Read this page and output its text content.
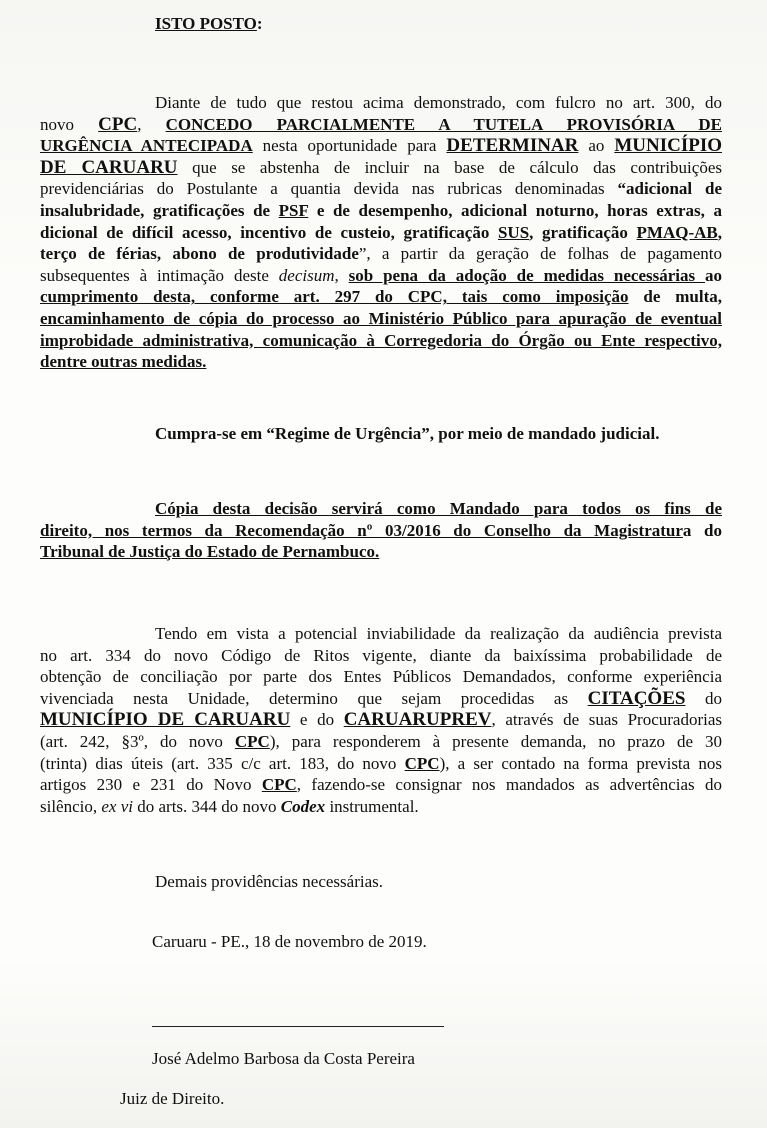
ISTO POSTO:
Diante de tudo que restou acima demonstrado, com fulcro no art. 300, do
novo CPC, CONCEDO PARCIALMENTE A TUTELA PROVISÓRIA DE
URGÊNCIA ANTECIPADA nesta oportunidade para DETERMINAR ao MUNICÍPIO
DE CARUARU que se abstenha de incluir na base de cálculo das contribuições
previdenciárias do Postulante a quantia devida nas rubricas denominadas “adicional de
insalubridade, gratificações de PSF e de desempenho, adicional noturno, horas extras, a
dicional de difícil acesso, incentivo de custeio, gratificação SUS, gratificação PMAQ-AB,
terço de férias, abono de produtividade”, a partir da geração de folhas de pagamento
subsequentes à intimação deste decisum, sob pena da adoção de medidas necessárias ao
cumprimento desta, conforme art. 297 do CPC, tais como imposição de multa,
encaminhamento de cópia do processo ao Ministério Público para apuração de eventual
improbidade administrativa, comunicação à Corregedoria do Órgão ou Ente respectivo,
dentre outras medidas.
Cumpra-se em “Regime de Urgência”, por meio de mandado judicial.
Cópia desta decisão servirá como Mandado para todos os fins de
direito, nos termos da Recomendação nº 03/2016 do Conselho da Magistratura do
Tribunal de Justiça do Estado de Pernambuco.
Tendo em vista a potencial inviabilidade da realização da audiência prevista
no art. 334 do novo Código de Ritos vigente, diante da baixíssima probabilidade de
obtenção de conciliação por parte dos Entes Públicos Demandados, conforme experiência
vivenciada nesta Unidade, determino que sejam procedidas as CITAÇÕES do
MUNICÍPIO DE CARUARU e do CARUARUPREV, através de suas Procuradorias
(art. 242, §3º, do novo CPC), para responderem à presente demanda, no prazo de 30
(trinta) dias úteis (art. 335 c/c art. 183, do novo CPC), a ser contado na forma prevista nos
artigos 230 e 231 do Novo CPC, fazendo-se consignar nos mandados as advertências do
silêncio, ex vi do arts. 344 do novo Codex instrumental.
Demais providências necessárias.
Caruaru - PE., 18 de novembro de 2019.
José Adelmo Barbosa da Costa Pereira
Juiz de Direito.
